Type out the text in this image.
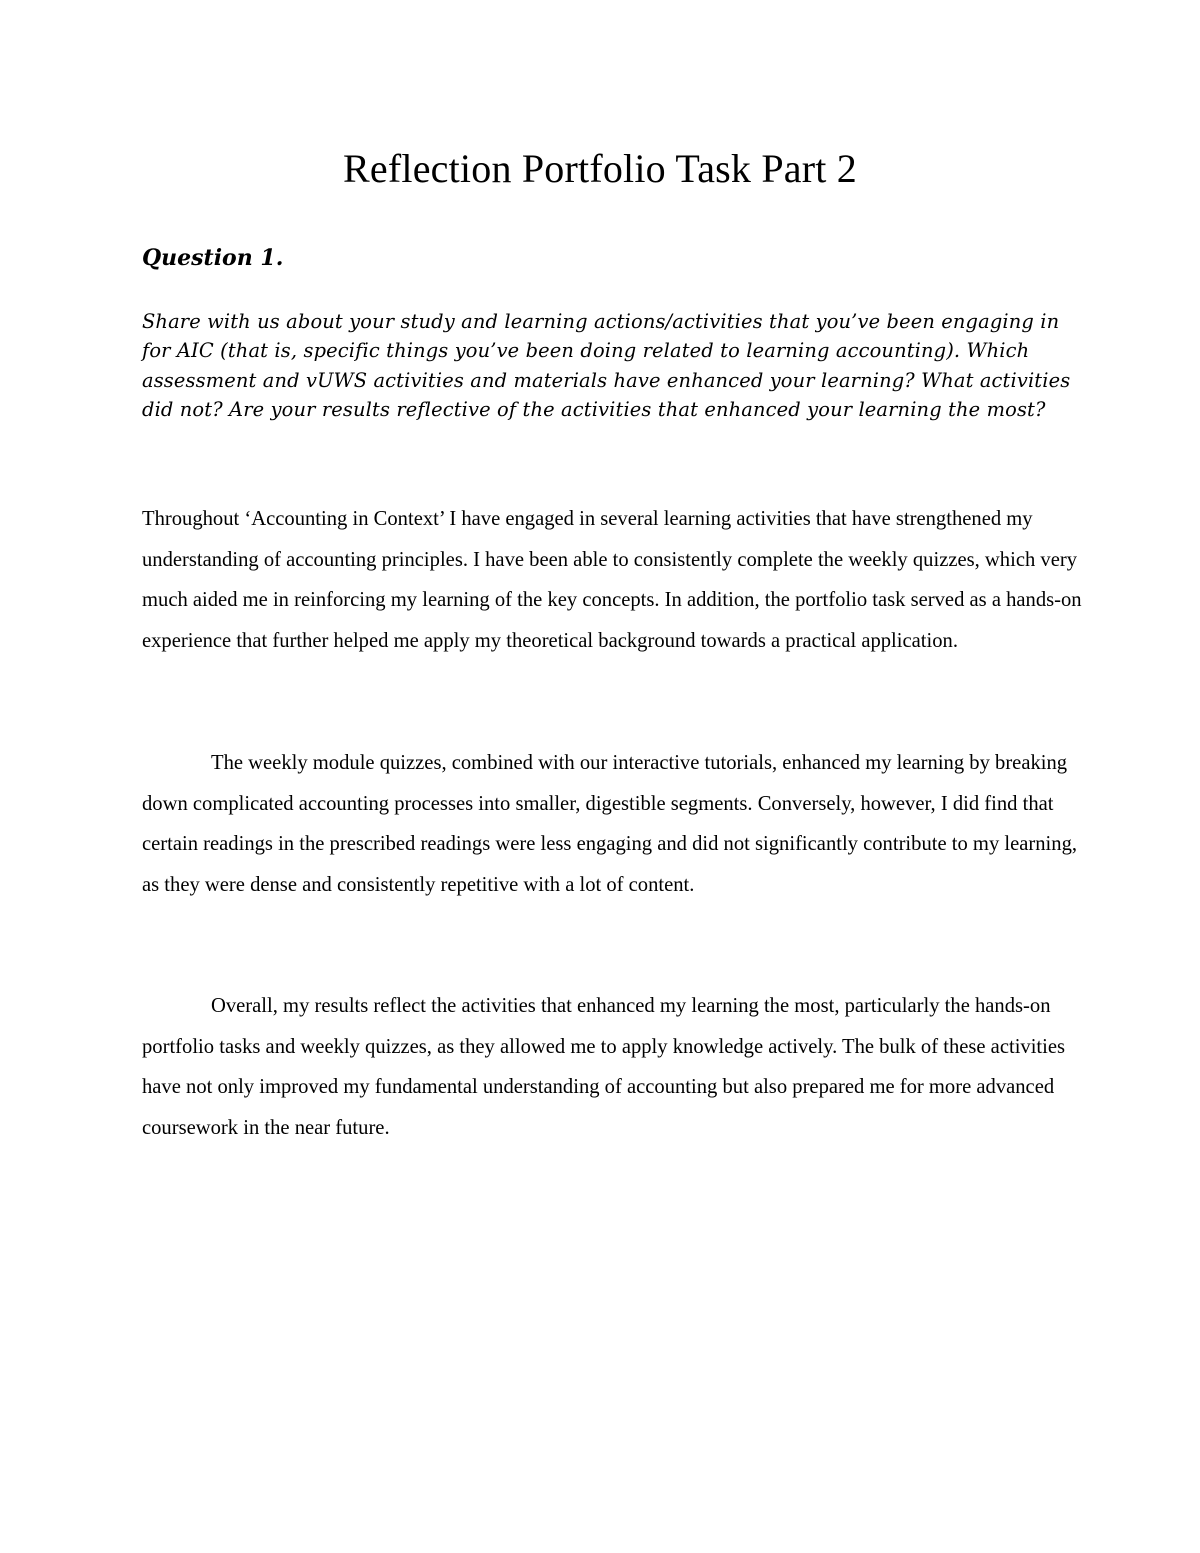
Reflection Portfolio Task Part 2

Question 1.

Share with us about your study and learning actions/activities that you’ve been engaging in for AIC (that is, specific things you’ve been doing related to learning accounting). Which assessment and vUWS activities and materials have enhanced your learning? What activities did not? Are your results reflective of the activities that enhanced your learning the most?

Throughout ‘Accounting in Context’ I have engaged in several learning activities that have strengthened my understanding of accounting principles. I have been able to consistently complete the weekly quizzes, which very much aided me in reinforcing my learning of the key concepts. In addition, the portfolio task served as a hands-on experience that further helped me apply my theoretical background towards a practical application.

The weekly module quizzes, combined with our interactive tutorials, enhanced my learning by breaking down complicated accounting processes into smaller, digestible segments. Conversely, however, I did find that certain readings in the prescribed readings were less engaging and did not significantly contribute to my learning, as they were dense and consistently repetitive with a lot of content.

Overall, my results reflect the activities that enhanced my learning the most, particularly the hands-on portfolio tasks and weekly quizzes, as they allowed me to apply knowledge actively. The bulk of these activities have not only improved my fundamental understanding of accounting but also prepared me for more advanced coursework in the near future.
